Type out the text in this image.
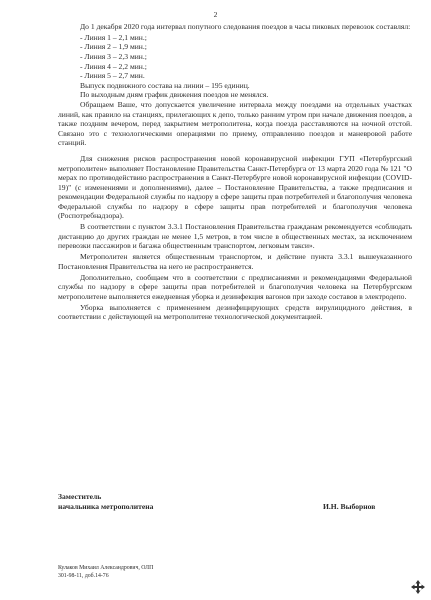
2

До 1 декабря 2020 года интервал попутного следования поездов в часы пиковых перевозок составлял:

- Линия 1 – 2,1 мин.;

- Линия 2 – 1,9 мин.;

- Линия 3 – 2,3 мин.;

- Линия 4 – 2,2 мин.;

- Линия 5 – 2,7 мин.

Выпуск подвижного состава на линии – 195 единиц.

По выходным дням график движения поездов не менялся.

Обращаем Ваше, что допускается увеличение интервала между поездами на отдельных участках линий, как правило на станциях, прилегающих к депо, только ранним утром при начале движения поездов, а также поздним вечером, перед закрытием метрополитена, когда поезда расставляются на ночной отстой. Связано это с технологическими операциями по приему, отправлению поездов и маневровой работе станций.

Для снижения рисков распространения новой коронавирусной инфекции ГУП «Петербургский метрополитен» выполняет Постановление Правительства Санкт-Петербурга от 13 марта 2020 года № 121 "О мерах по противодействию распространения в Санкт-Петербурге новой коронавирусной инфекции (COVID-19)" (с изменениями и дополнениями), далее – Постановление Правительства, а также предписания и рекомендации Федеральной службы по надзору в сфере защиты прав потребителей и благополучия человека Федеральной службы по надзору в сфере защиты прав потребителей и благополучия человека (Роспотребнадзора).

В соответствии с пунктом 3.3.1 Постановления Правительства гражданам рекомендуется «соблюдать дистанцию до других граждан не менее 1,5 метров, в том числе в общественных местах, за исключением перевозки пассажиров и багажа общественным транспортом, легковым такси».

Метрополитен является общественным транспортом, и действие пункта 3.3.1 вышеуказанного Постановления Правительства на него не распространяется.

Дополнительно, сообщаем что в соответствии с предписаниями и рекомендациями Федеральной службы по надзору в сфере защиты прав потребителей и благополучия человека на Петербургском метрополитене выполняется ежедневная уборка и дезинфекция вагонов при заходе составов в электродепо.

Уборка выполняется с применением дезинфицирующих средств вирулицидного действия, в соответствии с действующей на метрополитене технологической документацией.

Заместитель
начальника метрополитена	И.Н. Выборнов
Кулаков Михаил Александрович, ОЛП
301-98-11, доб.14-76
